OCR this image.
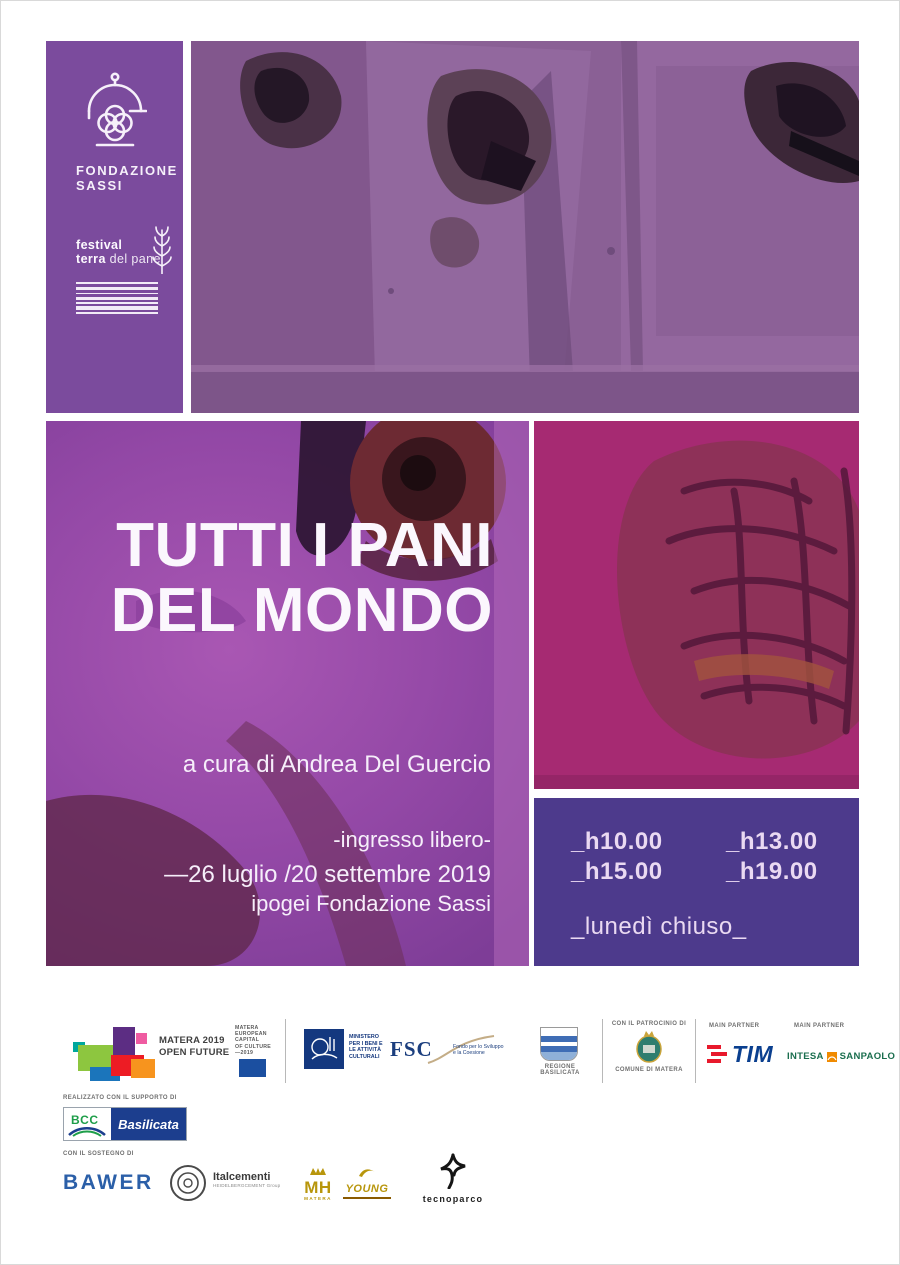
FONDAZIONE
SASSI
festival
terra del pane
TUTTI I PANI
DEL MONDO
a cura di Andrea Del Guercio
-ingresso libero-
—26 luglio /20 settembre 2019
ipogei Fondazione Sassi
_h10.00	_h13.00
_h15.00	_h19.00
_lunedì chiuso_
MATERA 2019
OPEN FUTURE
MATERA
EUROPEAN
CAPITAL
OF CULTURE
—2019
MINISTERO
PER I BENI E
LE ATTIVITÀ
CULTURALI FSC	Fondo per lo Sviluppo
e la Coesione
REGIONE BASILICATA
CON IL PATROCINIO DI
COMUNE DI MATERA
MAIN PARTNER
TIM
MAIN PARTNER
INTESA SANPAOLO
REALIZZATO CON IL SUPPORTO DI
BCC	Basilicata
CON IL SOSTEGNO DI
BAWER	Italcementi
HEIDELBERGCEMENT Group MH
MATERA
YOUNG
tecnoparco
